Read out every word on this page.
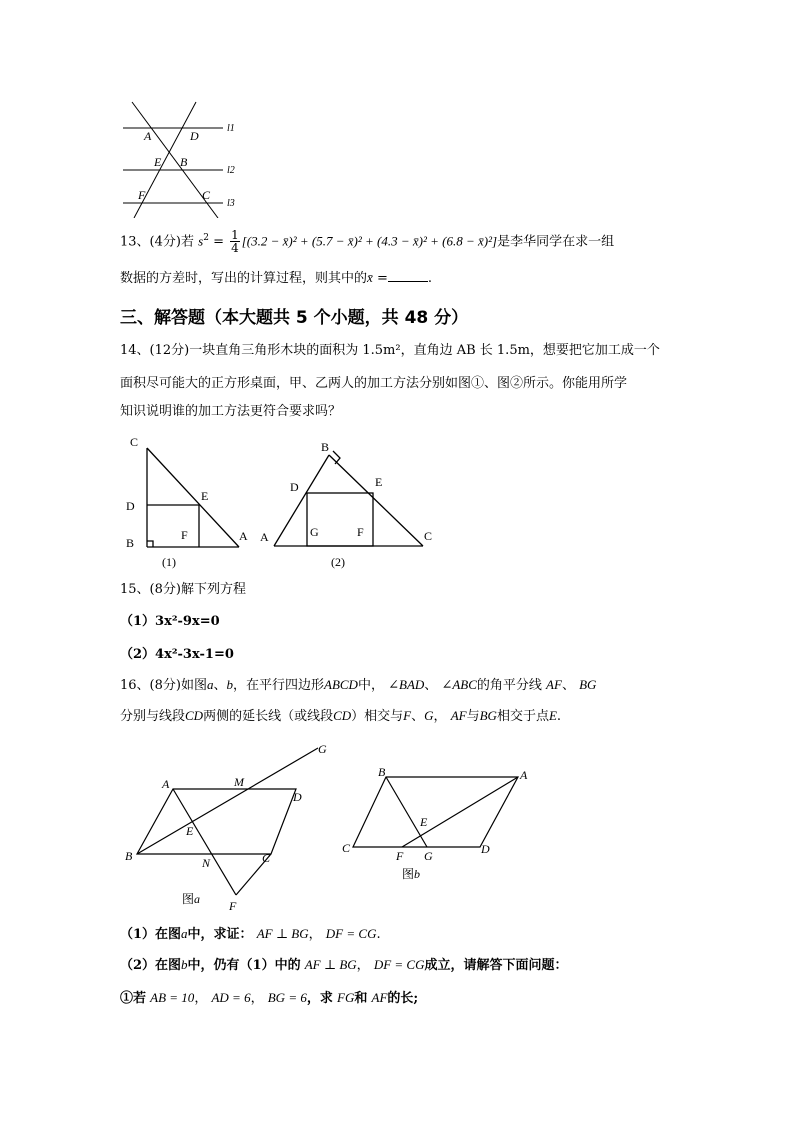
A	D
E B
F	C
l1
l2
l3
13、(4分)若 $s^2 = \frac{1}{4} [(3.2$ − x̄)² + (5.7 − x̄)² + (4.3 − x̄)² + (6.8 − x̄)²]是李华同学在求一组
数据的方差时，写出的计算过程，则其中的x̄ =	.
三、解答题（本大题共 5 个小题，共 48 分）
14、(12分)一块直角三角形木块的面积为 1.5m²，直角边 AB 长 1.5m，想要把它加工成一个
面积尽可能大的正方形桌面，甲、乙两人的加工方法分别如图①、图②所示。你能用所学
知识说明谁的加工方法更符合要求吗？
C
D
E
B
F	A
(1)
B
D	E
A	G	F	C
(2)
15、(8分)解下列方程
（1）3x²-9x=0
（2）4x²-3x-1=0
16、(8分)如图a、b，在平行四边形ABCD中， ∠BAD、 ∠ABC的角平分线 AF、 BG
分别与线段CD两侧的延长线（或线段CD）相交与F、G， AF与BG相交于点E.
G
A	M
D
E
B	N	C
F
图a
B	A
E
C
F G	D
图b
（1）在图a中，求证： AF ⊥ BG， DF = CG.
（2）在图b中，仍有（1）中的 AF ⊥ BG， DF = CG成立，请解答下面问题：
①若 AB = 10， AD = 6， BG = 6，求 FG和 AF的长;
